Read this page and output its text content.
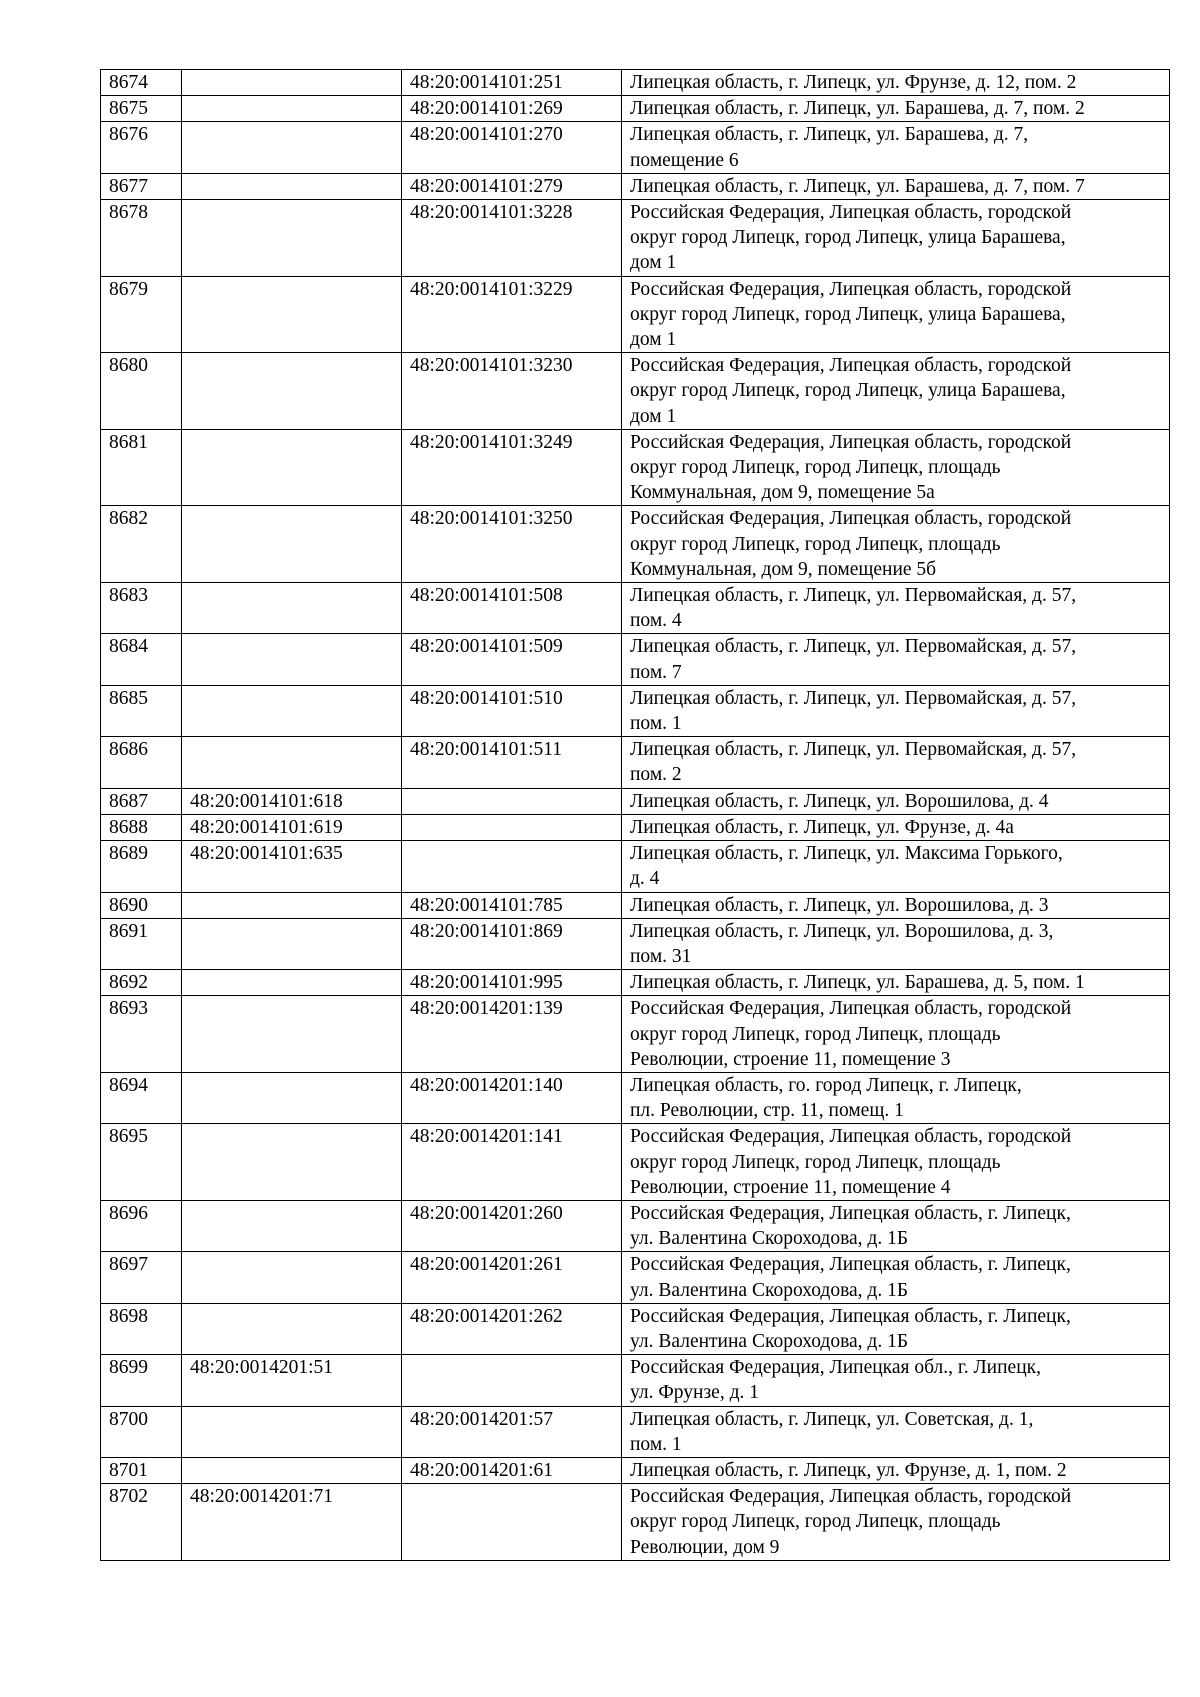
8674		48:20:0014101:251	Липецкая область, г. Липецк, ул. Фрунзе, д. 12, пом. 2
8675		48:20:0014101:269	Липецкая область, г. Липецк, ул. Барашева, д. 7, пом. 2
8676		48:20:0014101:270	Липецкая область, г. Липецк, ул. Барашева, д. 7,
помещение 6
8677		48:20:0014101:279	Липецкая область, г. Липецк, ул. Барашева, д. 7, пом. 7
8678		48:20:0014101:3228	Российская Федерация, Липецкая область, городской
округ город Липецк, город Липецк, улица Барашева,
дом 1
8679		48:20:0014101:3229	Российская Федерация, Липецкая область, городской
округ город Липецк, город Липецк, улица Барашева,
дом 1
8680		48:20:0014101:3230	Российская Федерация, Липецкая область, городской
округ город Липецк, город Липецк, улица Барашева,
дом 1
8681		48:20:0014101:3249	Российская Федерация, Липецкая область, городской
округ город Липецк, город Липецк, площадь
Коммунальная, дом 9, помещение 5а
8682		48:20:0014101:3250	Российская Федерация, Липецкая область, городской
округ город Липецк, город Липецк, площадь
Коммунальная, дом 9, помещение 5б
8683		48:20:0014101:508	Липецкая область, г. Липецк, ул. Первомайская, д. 57,
пом. 4
8684		48:20:0014101:509	Липецкая область, г. Липецк, ул. Первомайская, д. 57,
пом. 7
8685		48:20:0014101:510	Липецкая область, г. Липецк, ул. Первомайская, д. 57,
пом. 1
8686		48:20:0014101:511	Липецкая область, г. Липецк, ул. Первомайская, д. 57,
пом. 2
8687	48:20:0014101:618		Липецкая область, г. Липецк, ул. Ворошилова, д. 4
8688	48:20:0014101:619		Липецкая область, г. Липецк, ул. Фрунзе, д. 4а
8689	48:20:0014101:635		Липецкая область, г. Липецк, ул. Максима Горького,
д. 4
8690		48:20:0014101:785	Липецкая область, г. Липецк, ул. Ворошилова, д. 3
8691		48:20:0014101:869	Липецкая область, г. Липецк, ул. Ворошилова, д. 3,
пом. 31
8692		48:20:0014101:995	Липецкая область, г. Липецк, ул. Барашева, д. 5, пом. 1
8693		48:20:0014201:139	Российская Федерация, Липецкая область, городской
округ город Липецк, город Липецк, площадь
Революции, строение 11, помещение 3
8694		48:20:0014201:140	Липецкая область, го. город Липецк, г. Липецк,
пл. Революции, стр. 11, помещ. 1
8695		48:20:0014201:141	Российская Федерация, Липецкая область, городской
округ город Липецк, город Липецк, площадь
Революции, строение 11, помещение 4
8696		48:20:0014201:260	Российская Федерация, Липецкая область, г. Липецк,
ул. Валентина Скороходова, д. 1Б
8697		48:20:0014201:261	Российская Федерация, Липецкая область, г. Липецк,
ул. Валентина Скороходова, д. 1Б
8698		48:20:0014201:262	Российская Федерация, Липецкая область, г. Липецк,
ул. Валентина Скороходова, д. 1Б
8699	48:20:0014201:51		Российская Федерация, Липецкая обл., г. Липецк,
ул. Фрунзе, д. 1
8700		48:20:0014201:57	Липецкая область, г. Липецк, ул. Советская, д. 1,
пом. 1
8701		48:20:0014201:61	Липецкая область, г. Липецк, ул. Фрунзе, д. 1, пом. 2
8702	48:20:0014201:71		Российская Федерация, Липецкая область, городской
округ город Липецк, город Липецк, площадь
Революции, дом 9
